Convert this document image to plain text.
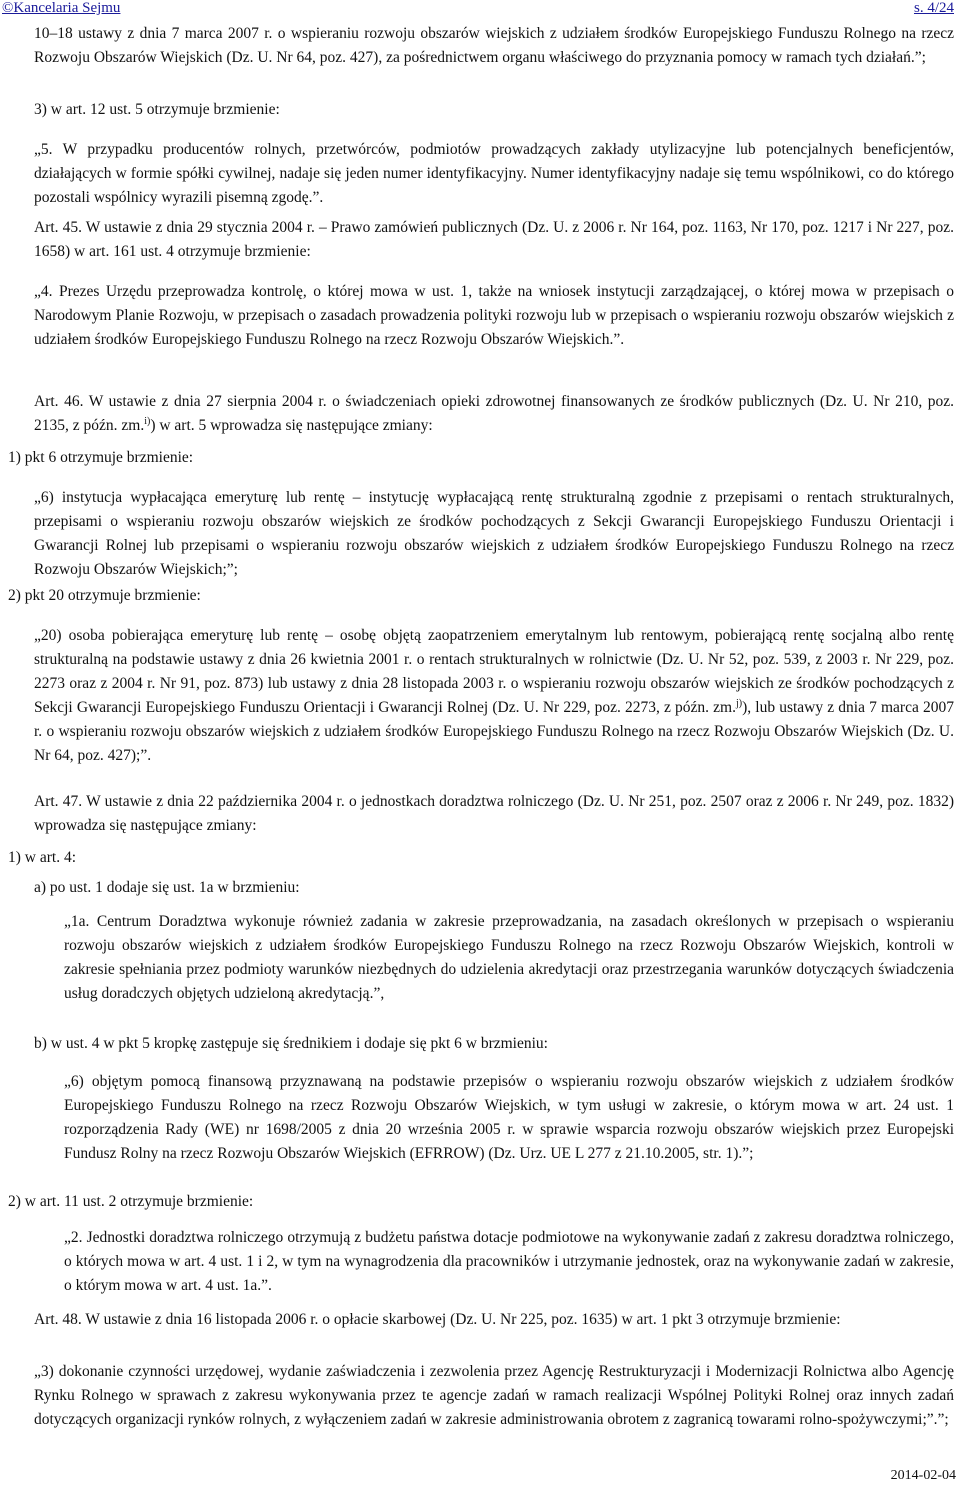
©Kancelaria Sejmu	s. 4/24

10–18 ustawy z dnia 7 marca 2007 r. o wspieraniu rozwoju obszarów wiejskich z udziałem środków Europejskiego Funduszu Rolnego na rzecz Rozwoju Obszarów Wiejskich (Dz. U. Nr 64, poz. 427), za pośrednictwem organu właściwego do przyznania pomocy w ramach tych działań.”;

3) w art. 12 ust. 5 otrzymuje brzmienie:

„5. W przypadku producentów rolnych, przetwórców, podmiotów prowadzących zakłady utylizacyjne lub potencjalnych beneficjentów, działających w formie spółki cywilnej, nadaje się jeden numer identyfikacyjny. Numer identyfikacyjny nadaje się temu wspólnikowi, co do którego pozostali wspólnicy wyrazili pisemną zgodę.”.

Art. 45. W ustawie z dnia 29 stycznia 2004 r. – Prawo zamówień publicznych (Dz. U. z 2006 r. Nr 164, poz. 1163, Nr 170, poz. 1217 i Nr 227, poz. 1658) w art. 161 ust. 4 otrzymuje brzmienie:

„4. Prezes Urzędu przeprowadza kontrolę, o której mowa w ust. 1, także na wniosek instytucji zarządzającej, o której mowa w przepisach o Narodowym Planie Rozwoju, w przepisach o zasadach prowadzenia polityki rozwoju lub w przepisach o wspieraniu rozwoju obszarów wiejskich z udziałem środków Europejskiego Funduszu Rolnego na rzecz Rozwoju Obszarów Wiejskich.”.

Art. 46. W ustawie z dnia 27 sierpnia 2004 r. o świadczeniach opieki zdrowotnej finansowanych ze środków publicznych (Dz. U. Nr 210, poz. 2135, z późn. zm.$^{i)}$) w art. 5 wprowadza się następujące zmiany:

1) pkt 6 otrzymuje brzmienie:

„6) instytucja wypłacająca emeryturę lub rentę – instytucję wypłacającą rentę strukturalną zgodnie z przepisami o rentach strukturalnych, przepisami o wspieraniu rozwoju obszarów wiejskich ze środków pochodzących z Sekcji Gwarancji Europejskiego Funduszu Orientacji i Gwarancji Rolnej lub przepisami o wspieraniu rozwoju obszarów wiejskich z udziałem środków Europejskiego Funduszu Rolnego na rzecz Rozwoju Obszarów Wiejskich;”;

2) pkt 20 otrzymuje brzmienie:

„20) osoba pobierająca emeryturę lub rentę – osobę objętą zaopatrzeniem emerytalnym lub rentowym, pobierającą rentę socjalną albo rentę strukturalną na podstawie ustawy z dnia 26 kwietnia 2001 r. o rentach strukturalnych w rolnictwie (Dz. U. Nr 52, poz. 539, z 2003 r. Nr 229, poz. 2273 oraz z 2004 r. Nr 91, poz. 873) lub ustawy z dnia 28 listopada 2003 r. o wspieraniu rozwoju obszarów wiejskich ze środków pochodzących z Sekcji Gwarancji Europejskiego Funduszu Orientacji i Gwarancji Rolnej (Dz. U. Nr 229, poz. 2273, z późn. zm.$^{j)}$), lub ustawy z dnia 7 marca 2007 r. o wspieraniu rozwoju obszarów wiejskich z udziałem środków Europejskiego Funduszu Rolnego na rzecz Rozwoju Obszarów Wiejskich (Dz. U. Nr 64, poz. 427);”.

Art. 47. W ustawie z dnia 22 października 2004 r. o jednostkach doradztwa rolniczego (Dz. U. Nr 251, poz. 2507 oraz z 2006 r. Nr 249, poz. 1832) wprowadza się następujące zmiany:

1) w art. 4:

a) po ust. 1 dodaje się ust. 1a w brzmieniu:

„1a. Centrum Doradztwa wykonuje również zadania w zakresie przeprowadzania, na zasadach określonych w przepisach o wspieraniu rozwoju obszarów wiejskich z udziałem środków Europejskiego Funduszu Rolnego na rzecz Rozwoju Obszarów Wiejskich, kontroli w zakresie spełniania przez podmioty warunków niezbędnych do udzielenia akredytacji oraz przestrzegania warunków dotyczących świadczenia usług doradczych objętych udzieloną akredytacją.”,

b) w ust. 4 w pkt 5 kropkę zastępuje się średnikiem i dodaje się pkt 6 w brzmieniu:

„6) objętym pomocą finansową przyznawaną na podstawie przepisów o wspieraniu rozwoju obszarów wiejskich z udziałem środków Europejskiego Funduszu Rolnego na rzecz Rozwoju Obszarów Wiejskich, w tym usługi w zakresie, o którym mowa w art. 24 ust. 1 rozporządzenia Rady (WE) nr 1698/2005 z dnia 20 września 2005 r. w sprawie wsparcia rozwoju obszarów wiejskich przez Europejski Fundusz Rolny na rzecz Rozwoju Obszarów Wiejskich (EFRROW) (Dz. Urz. UE L 277 z 21.10.2005, str. 1).”;

2) w art. 11 ust. 2 otrzymuje brzmienie:

„2. Jednostki doradztwa rolniczego otrzymują z budżetu państwa dotacje podmiotowe na wykonywanie zadań z zakresu doradztwa rolniczego, o których mowa w art. 4 ust. 1 i 2, w tym na wynagrodzenia dla pracowników i utrzymanie jednostek, oraz na wykonywanie zadań w zakresie, o którym mowa w art. 4 ust. 1a.”.

Art. 48. W ustawie z dnia 16 listopada 2006 r. o opłacie skarbowej (Dz. U. Nr 225, poz. 1635) w art. 1 pkt 3 otrzymuje brzmienie:

„3) dokonanie czynności urzędowej, wydanie zaświadczenia i zezwolenia przez Agencję Restrukturyzacji i Modernizacji Rolnictwa albo Agencję Rynku Rolnego w sprawach z zakresu wykonywania przez te agencje zadań w ramach realizacji Wspólnej Polityki Rolnej oraz innych zadań dotyczących organizacji rynków rolnych, z wyłączeniem zadań w zakresie administrowania obrotem z zagranicą towarami rolno-spożywczymi;”.”;

2014-02-04
